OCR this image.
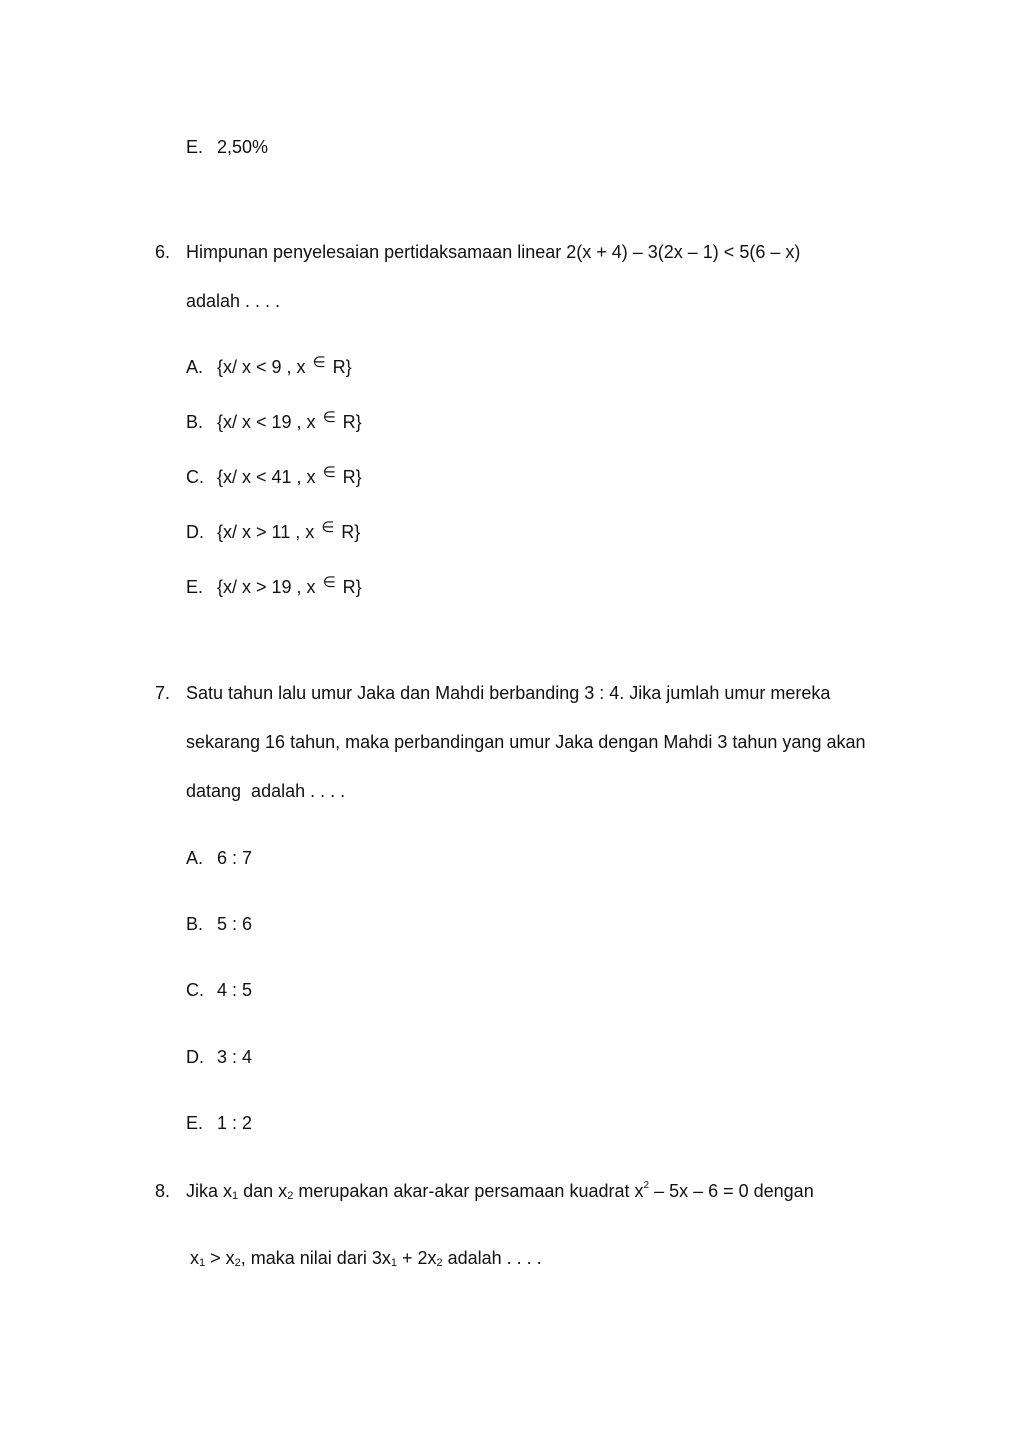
E. 2,50%
6. Himpunan penyelesaian pertidaksamaan linear 2(x + 4) – 3(2x – 1) < 5(6 – x)
adalah . . . .
A. {x/ x < 9 , x ∈ R}
B. {x/ x < 19 , x ∈ R}
C. {x/ x < 41 , x ∈ R}
D. {x/ x > 11 , x ∈ R}
E. {x/ x > 19 , x ∈ R}
7. Satu tahun lalu umur Jaka dan Mahdi berbanding 3 : 4. Jika jumlah umur mereka
sekarang 16 tahun, maka perbandingan umur Jaka dengan Mahdi 3 tahun yang akan
datang  adalah . . . .
A. 6 : 7
B. 5 : 6
C. 4 : 5
D. 3 : 4
E. 1 : 2
8. Jika $x_1$ dan $x_2$ merupakan akar-akar persamaan kuadrat $x^2 - 5x - 6 = 0$ dengan
$x_1 > x_2$, maka nilai dari $3x_1 + 2x_2$ adalah . . . .
